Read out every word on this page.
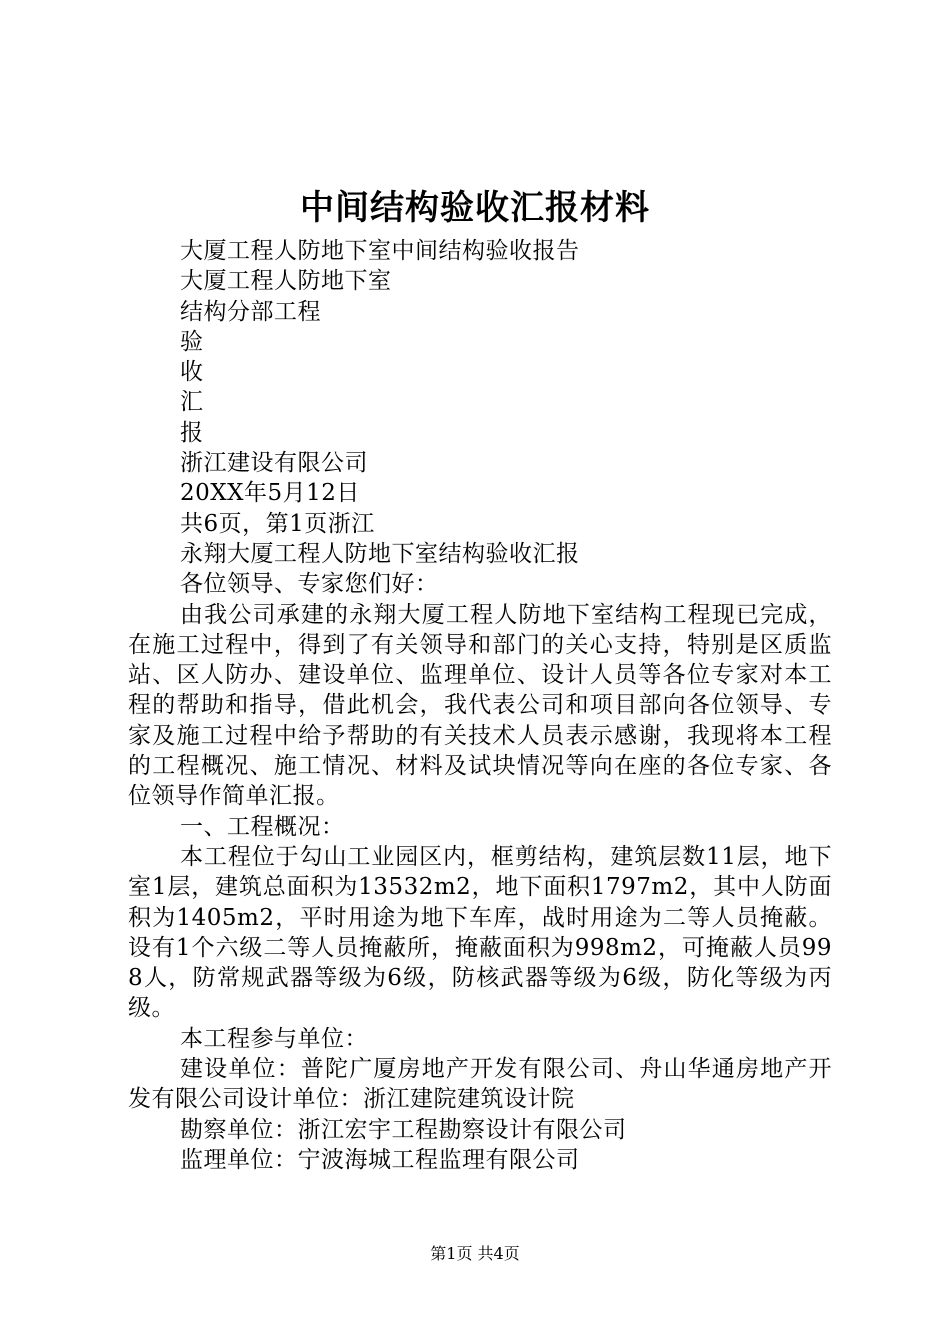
中间结构验收汇报材料
大厦工程人防地下室中间结构验收报告
大厦工程人防地下室
结构分部工程
验
收
汇
报
浙江建设有限公司
20XX年5月12日
共6页，第1页浙江
永翔大厦工程人防地下室结构验收汇报
各位领导、专家您们好：
由我公司承建的永翔大厦工程人防地下室结构工程现已完成，在施工过程中，得到了有关领导和部门的关心支持，特别是区质监站、区人防办、建设单位、监理单位、设计人员等各位专家对本工程的帮助和指导，借此机会，我代表公司和项目部向各位领导、专家及施工过程中给予帮助的有关技术人员表示感谢，我现将本工程的工程概况、施工情况、材料及试块情况等向在座的各位专家、各位领导作简单汇报。
一、工程概况：
本工程位于勾山工业园区内，框剪结构，建筑层数11层，地下室1层，建筑总面积为13532m2，地下面积1797m2，其中人防面积为1405m2，平时用途为地下车库，战时用途为二等人员掩蔽。设有1个六级二等人员掩蔽所，掩蔽面积为998m2，可掩蔽人员998人，防常规武器等级为6级，防核武器等级为6级，防化等级为丙级。
本工程参与单位：
建设单位：普陀广厦房地产开发有限公司、舟山华通房地产开发有限公司设计单位：浙江建院建筑设计院
勘察单位：浙江宏宇工程勘察设计有限公司
监理单位：宁波海城工程监理有限公司
第1页 共4页
